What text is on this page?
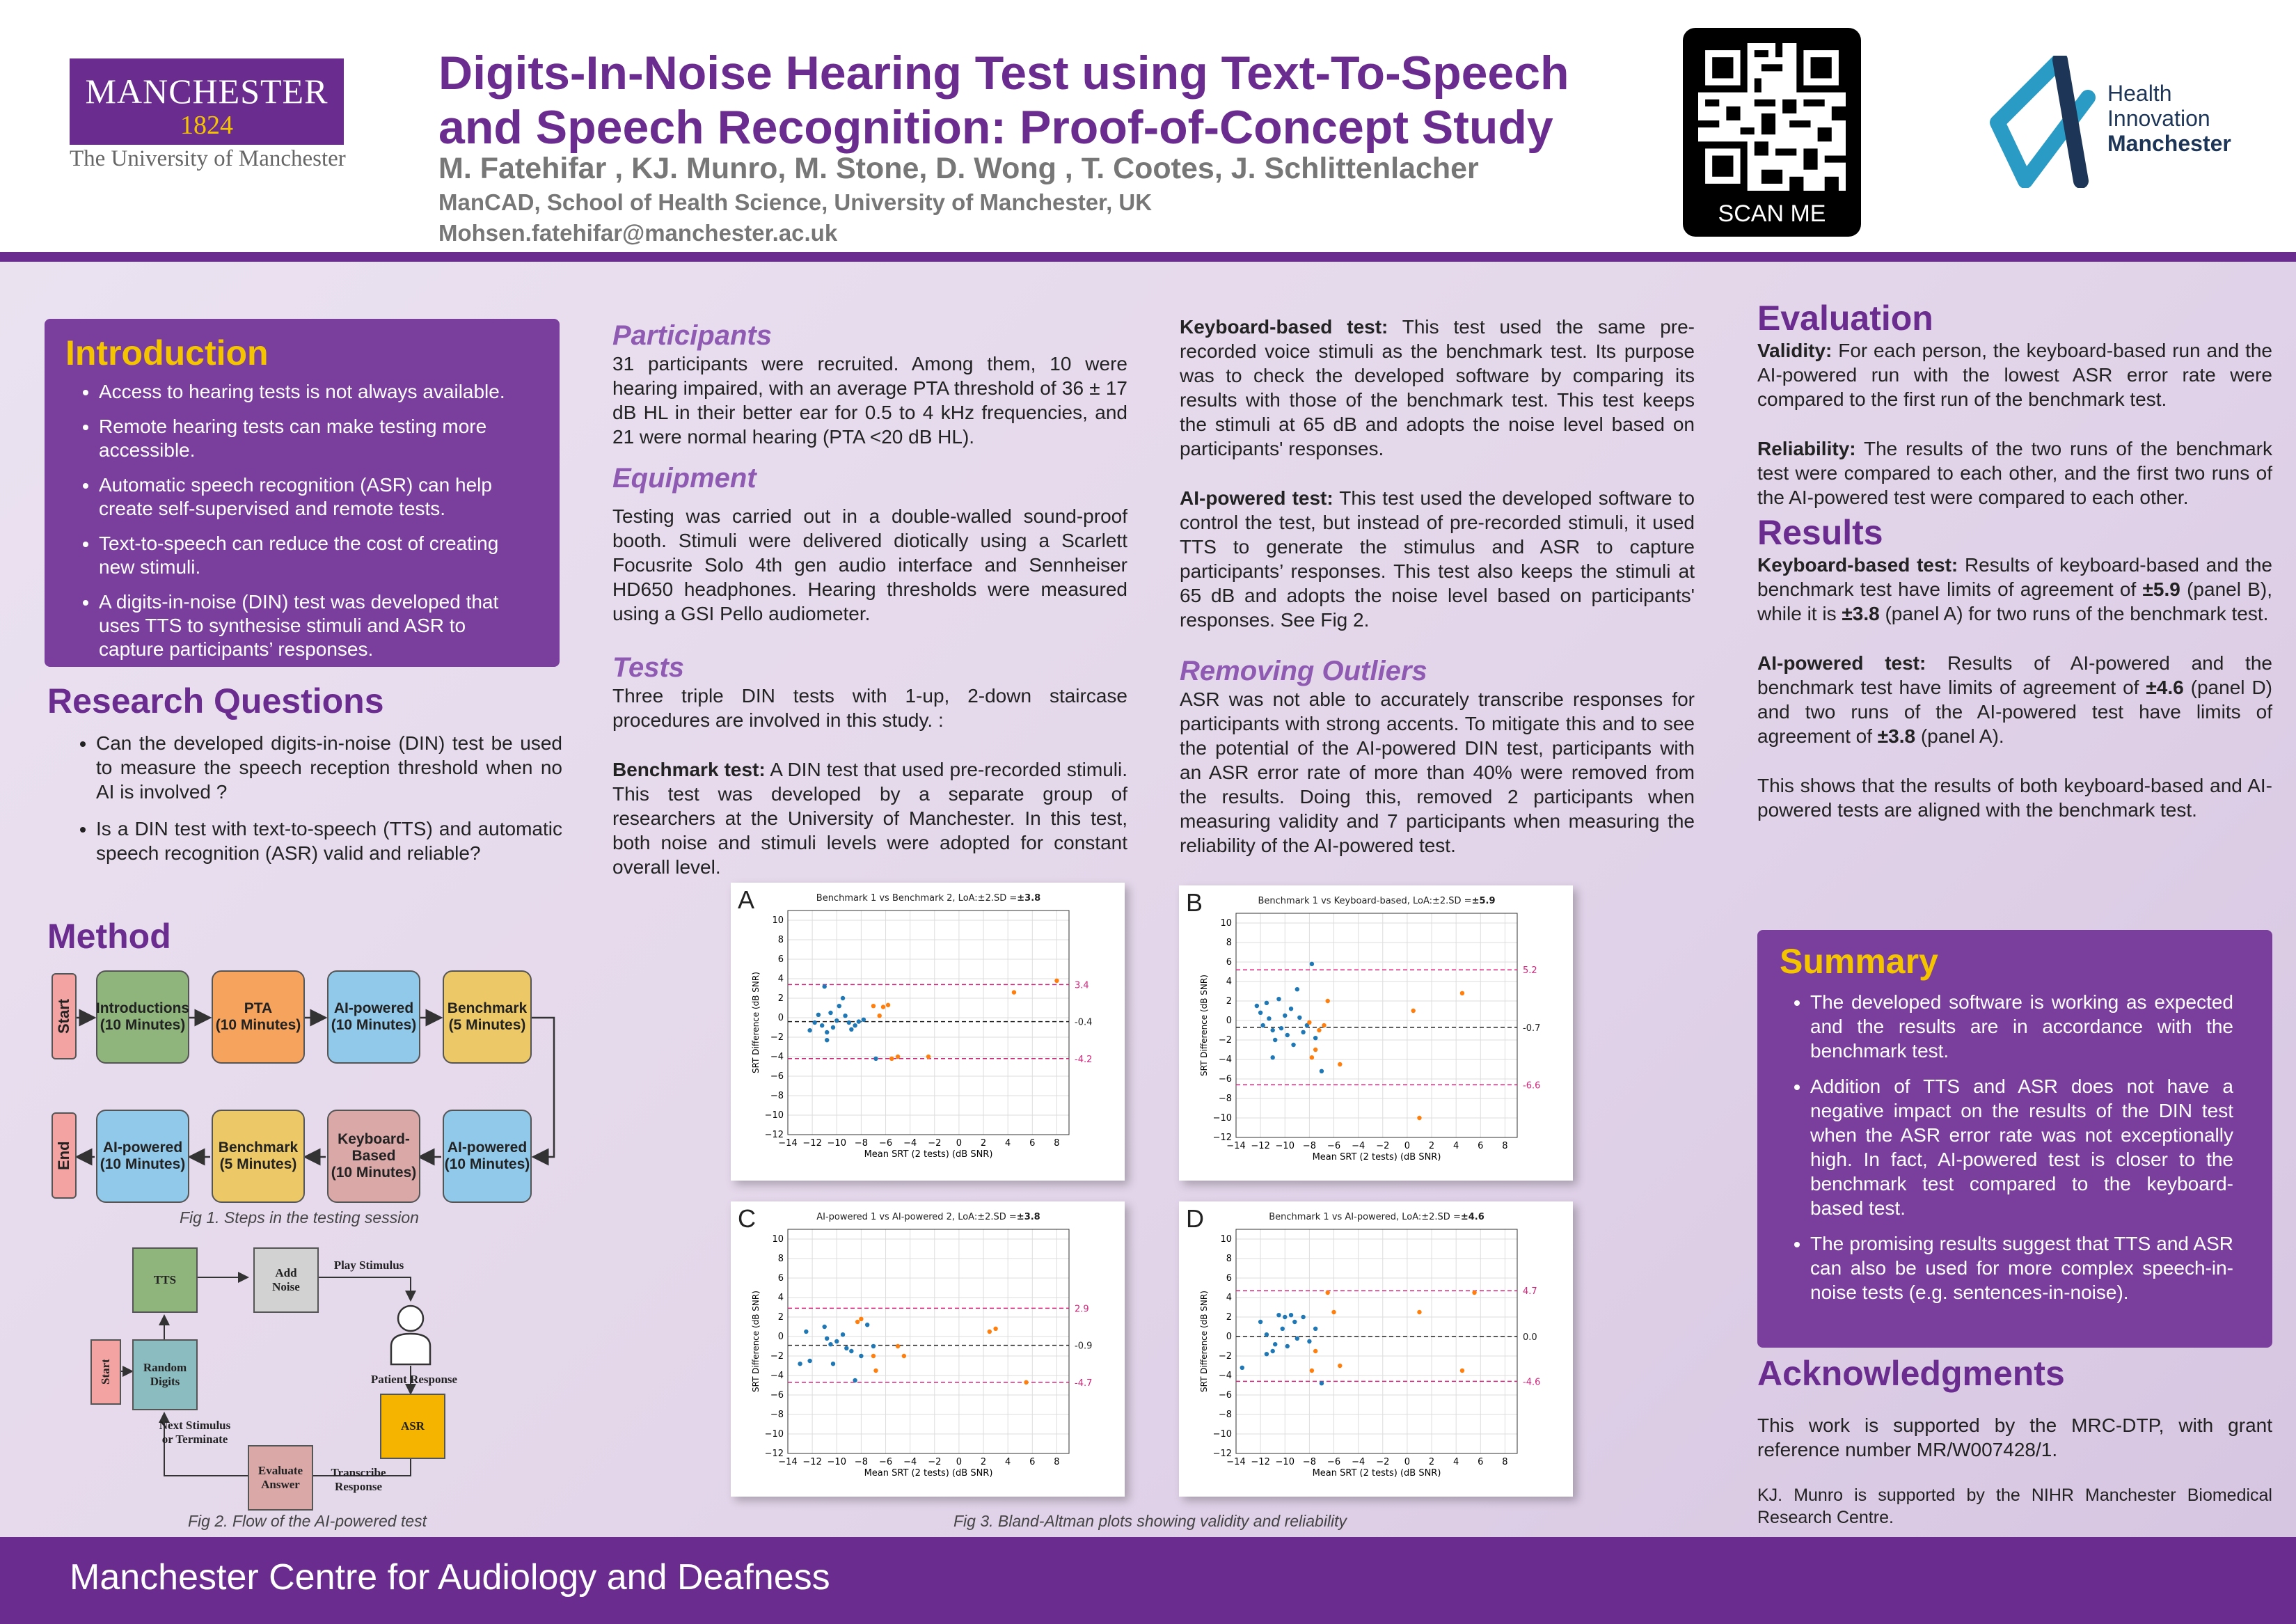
MANCHESTER
1824
The University of Manchester
Digits-In-Noise Hearing Test using Text-To-Speech
and Speech Recognition: Proof-of-Concept Study
M. Fatehifar , KJ. Munro, M. Stone, D. Wong , T. Cootes, J. Schlittenlacher
ManCAD, School of Health Science, University of Manchester, UK
Mohsen.fatehifar@manchester.ac.uk
SCAN ME
Health
Innovation
Manchester
Introduction
• Access to hearing tests is not always available.
• Remote hearing tests can make testing more accessible.
• Automatic speech recognition (ASR) can help create self-supervised and remote tests.
• Text-to-speech can reduce the cost of creating new stimuli.
• A digits-in-noise (DIN) test was developed that uses TTS to synthesise stimuli and ASR to capture participants’ responses.
Research Questions
• Can the developed digits-in-noise (DIN) test be used to measure the speech reception threshold when no AI is involved ?
• Is a DIN test with text-to-speech (TTS) and automatic speech recognition (ASR) valid and reliable?
Method
Start
End
Introductions
(10 Minutes)
PTA
(10 Minutes)
AI-powered
(10 Minutes)
Benchmark
(5 Minutes)
AI-powered
(10 Minutes)
Benchmark
(5 Minutes)
Keyboard-
Based
(10 Minutes)
AI-powered
(10 Minutes)
Fig 1. Steps in the testing session
TTS
Add
Noise
Play Stimulus
Start	Random
Digits	Patient Response
ASR
Next Stimulus
or Terminate
Evaluate
Answer
Transcribe
Response
Fig 2. Flow of the AI-powered test
Participants
31 participants were recruited. Among them, 10 were hearing impaired, with an average PTA threshold of 36 ± 17 dB HL in their better ear for 0.5 to 4 kHz frequencies, and 21 were normal hearing (PTA <20 dB HL).
Equipment
Testing was carried out in a double-walled sound-proof booth. Stimuli were delivered diotically using a Scarlett Focusrite Solo 4th gen audio interface and Sennheiser HD650 headphones. Hearing thresholds were measured using a GSI Pello audiometer.
Tests
Three triple DIN tests with 1-up, 2-down staircase procedures are involved in this study. :
Benchmark test: A DIN test that used pre-recorded stimuli. This test was developed by a separate group of researchers at the University of Manchester. In this test, both noise and stimuli levels were adopted for constant overall level.
Keyboard-based test: This test used the same pre-recorded voice stimuli as the benchmark test. Its purpose was to check the developed software by comparing its results with those of the benchmark test. This test keeps the stimuli at 65 dB and adopts the noise level based on participants' responses.
AI-powered test: This test used the developed software to control the test, but instead of pre-recorded stimuli, it used TTS to generate the stimulus and ASR to capture participants’ responses. This test also keeps the stimuli at 65 dB and adopts the noise level based on participants' responses. See Fig 2.
Removing Outliers
ASR was not able to accurately transcribe responses for participants with strong accents. To mitigate this and to see the potential of the AI-powered DIN test, participants with an ASR error rate of more than 40% were removed from the results. Doing this, removed 2 participants when measuring validity and 7 participants when measuring the reliability of the AI-powered test.
Evaluation
Validity: For each person, the keyboard-based run and the AI-powered run with the lowest ASR error rate were compared to the first run of the benchmark test.
Reliability: The results of the two runs of the benchmark test were compared to each other, and the first two runs of the AI-powered test were compared to each other.
Results
Keyboard-based test: Results of keyboard-based and the benchmark test have limits of agreement of ±5.9 (panel B), while it is ±3.8 (panel A) for two runs of the benchmark test.
AI-powered test: Results of AI-powered and the benchmark test have limits of agreement of ±4.6 (panel D) and two runs of the AI-powered test have limits of agreement of ±3.8 (panel A).
This shows that the results of both keyboard-based and AI-powered tests are aligned with the benchmark test.
Summary
• The developed software is working as expected and the results are in accordance with the benchmark test.
• Addition of TTS and ASR does not have a negative impact on the results of the DIN test when the ASR error rate was not exceptionally high. In fact, AI-powered test is closer to the benchmark test compared to the keyboard-based test.
• The promising results suggest that TTS and ASR can also be used for more complex speech-in-noise tests (e.g. sentences-in-noise).
Acknowledgments
This work is supported by the MRC-DTP, with grant reference number MR/W007428/1.
KJ. Munro is supported by the NIHR Manchester Biomedical Research Centre.
A	Benchmark 1 vs Benchmark 2, LoA:±2.SD =±3.8
−14 −12 −10 −8 −6 −4 −2 0 2 4 6 8
−12
−10
−8
−6
−4
−2
0
2
4
6
8
10
Mean SRT (2 tests) (dB SNR)
SRT Difference (dB SNR)	-0.4
3.4
-4.2
B	Benchmark 1 vs Keyboard-based, LoA:±2.SD =±5.9
−14 −12 −10 −8 −6 −4 −2 0 2 4 6 8
−12
−10
−8
−6
−4
−2
0
2
4
6
8
10
Mean SRT (2 tests) (dB SNR)
SRT Difference (dB SNR)	-0.7
5.2
-6.6
C	AI-powered 1 vs AI-powered 2, LoA:±2.SD =±3.8
−14 −12 −10 −8 −6 −4 −2 0 2 4 6 8
−12
−10
−8
−6
−4
−2
0
2
4
6
8
10
Mean SRT (2 tests) (dB SNR)
SRT Difference (dB SNR)	-0.9
2.9
-4.7
D	Benchmark 1 vs AI-powered, LoA:±2.SD =±4.6
−14 −12 −10 −8 −6 −4 −2 0 2 4 6 8
−12
−10
−8
−6
−4
−2
0
2
4
6
8
10
Mean SRT (2 tests) (dB SNR)
SRT Difference (dB SNR)	0.0
4.7
-4.6
Fig 3. Bland-Altman plots showing validity and reliability
Manchester Centre for Audiology and Deafness
